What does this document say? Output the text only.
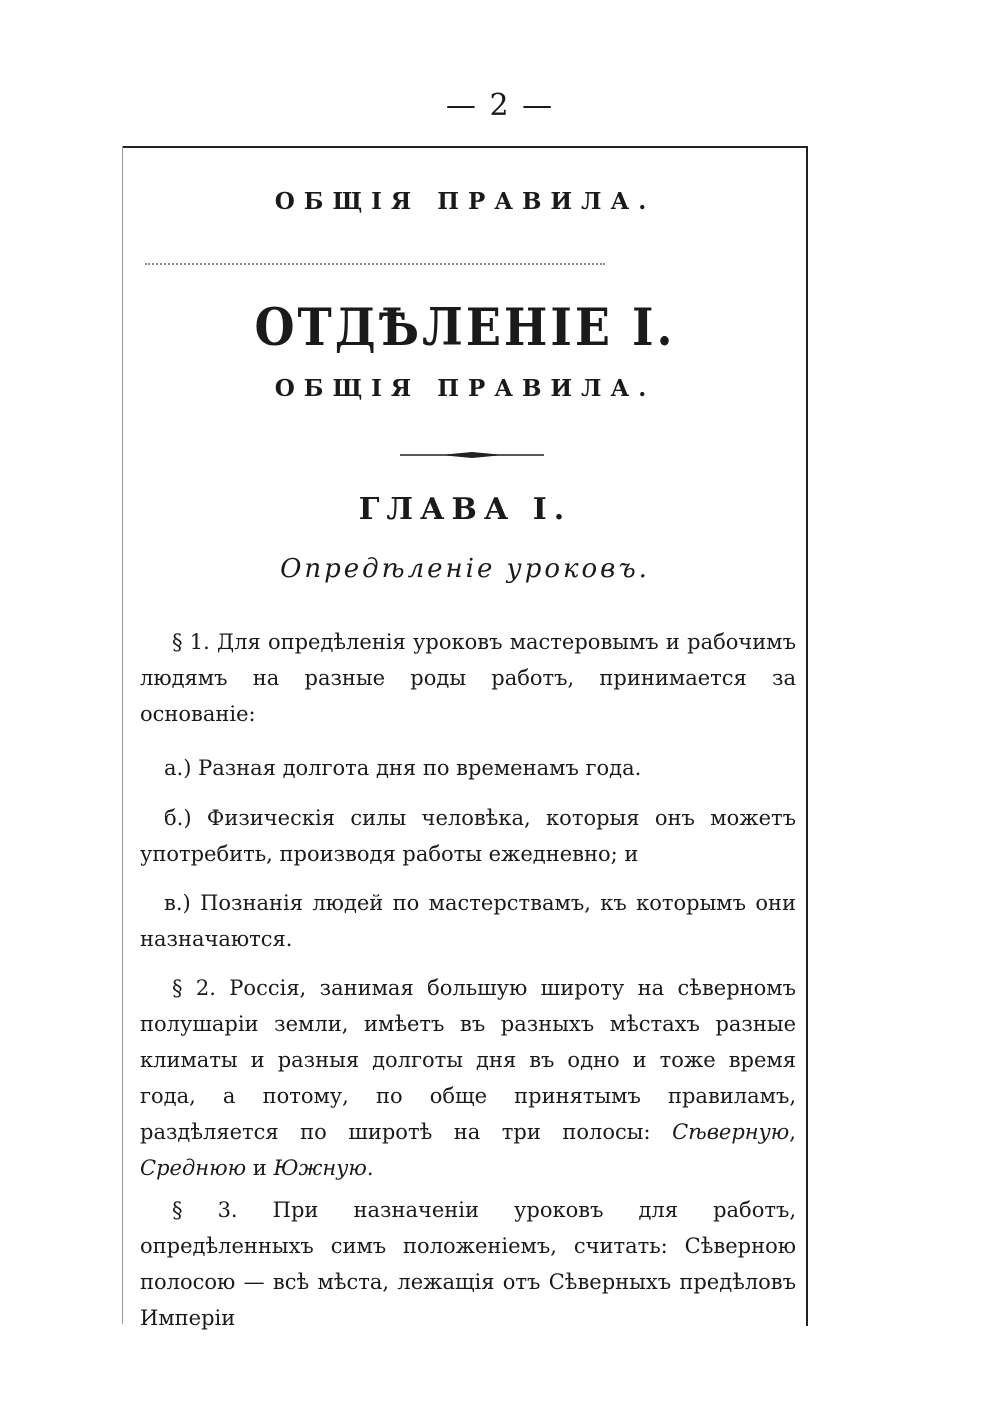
— 2 —
ОБЩІЯ ПРАВИЛА.
ОТДѢЛЕНІЕ I.
ОБЩІЯ ПРАВИЛА.
ГЛАВА I.
Опредѣленіе уроковъ.

§ 1. Для опредѣленія уроковъ мастеровымъ и рабочимъ людямъ на разные роды работъ, принимается за основаніе:

а.) Разная долгота дня по временамъ года.

б.) Физическія силы человѣка, которыя онъ можетъ употребить, производя работы ежедневно; и

в.) Познанія людей по мастерствамъ, къ которымъ они назначаются.

§ 2. Россія, занимая большую широту на сѣверномъ полушаріи земли, имѣетъ въ разныхъ мѣстахъ разные климаты и разныя долготы дня въ одно и тоже время года, а потому, по обще принятымъ правиламъ, раздѣляется по широтѣ на три полосы: Сѣверную, Среднюю и Южную.

§ 3. При назначеніи уроковъ для работъ, опредѣленныхъ симъ положеніемъ, считать: Сѣверною полосою — всѣ мѣста, лежащія отъ Сѣверныхъ предѣловъ Имперіи
